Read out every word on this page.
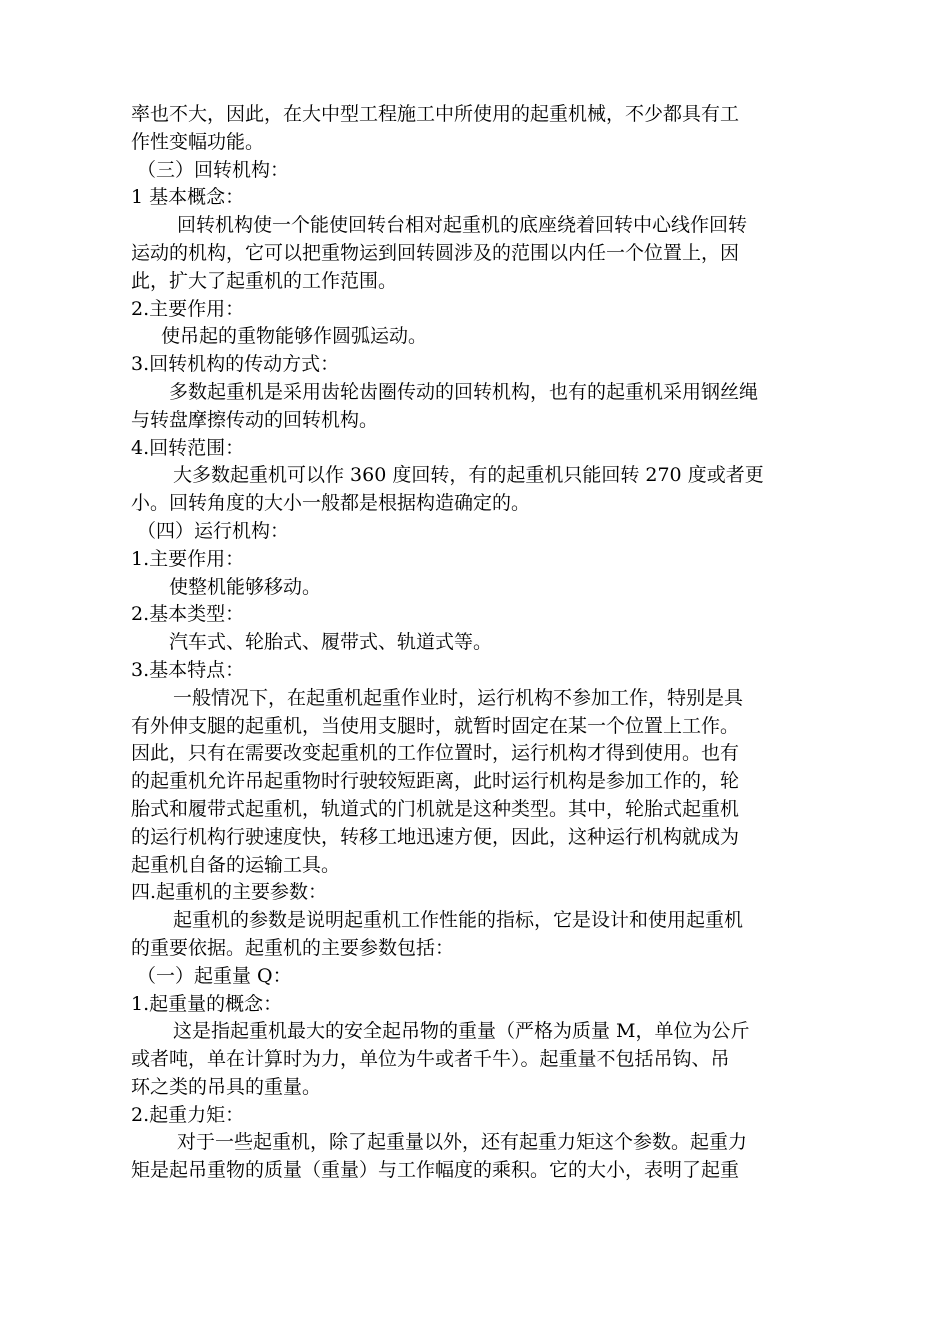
率也不大，因此，在大中型工程施工中所使用的起重机械，不少都具有工
作性变幅功能。
（三）回转机构：
1 基本概念：
回转机构使一个能使回转台相对起重机的底座绕着回转中心线作回转
运动的机构，它可以把重物运到回转圆涉及的范围以内任一个位置上，因
此，扩大了起重机的工作范围。
2.主要作用：
使吊起的重物能够作圆弧运动。
3.回转机构的传动方式：
多数起重机是采用齿轮齿圈传动的回转机构，也有的起重机采用钢丝绳
与转盘摩擦传动的回转机构。
4.回转范围：
大多数起重机可以作 360 度回转，有的起重机只能回转 270 度或者更
小。回转角度的大小一般都是根据构造确定的。
（四）运行机构：
1.主要作用：
使整机能够移动。
2.基本类型：
汽车式、轮胎式、履带式、轨道式等。
3.基本特点：
一般情况下，在起重机起重作业时，运行机构不参加工作，特别是具
有外伸支腿的起重机，当使用支腿时，就暂时固定在某一个位置上工作。
因此，只有在需要改变起重机的工作位置时，运行机构才得到使用。也有
的起重机允许吊起重物时行驶较短距离，此时运行机构是参加工作的，轮
胎式和履带式起重机，轨道式的门机就是这种类型。其中，轮胎式起重机
的运行机构行驶速度快，转移工地迅速方便，因此，这种运行机构就成为
起重机自备的运输工具。
四.起重机的主要参数：
起重机的参数是说明起重机工作性能的指标，它是设计和使用起重机
的重要依据。起重机的主要参数包括：
（一）起重量 Q：
1.起重量的概念：
这是指起重机最大的安全起吊物的重量（严格为质量 M，单位为公斤
或者吨，单在计算时为力，单位为牛或者千牛）。起重量不包括吊钩、吊
环之类的吊具的重量。
2.起重力矩：
对于一些起重机，除了起重量以外，还有起重力矩这个参数。起重力
矩是起吊重物的质量（重量）与工作幅度的乘积。它的大小，表明了起重
